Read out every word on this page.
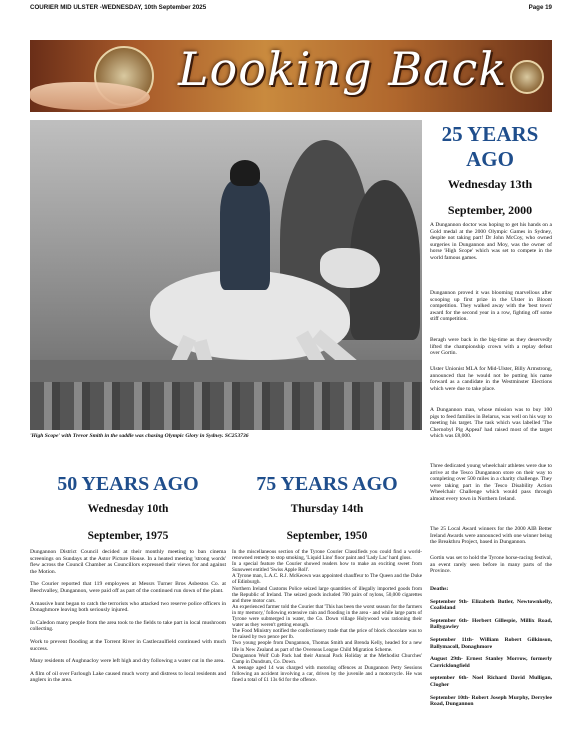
COURIER MID ULSTER -WEDNESDAY, 10th September 2025	Page 19
Looking Back
'High Scope' with Trevor Smith in the saddle was chasing Olympic Glory in Sydney. SC253736
25 YEARS AGO
Wednesday 13th
September, 2000
A Dungannon doctor was hoping to get his hands on a Gold medal at the 2000 Olympic Games in Sydney, despite not taking part! Dr John McCoy, who owned surgeries in Dungannon and Moy, was the owner of horse 'High Scope' which was set to compete in the world famous games.
Dungannon proved it was blooming marvellous after scooping up first prize in the Ulster in Bloom competition. They walked away with the 'best town' award for the second year in a row, fighting off some stiff competition.
Beragh were back in the big-time as they deservedly lifted the championship crown with a replay defeat over Gortin.
Ulster Unionist MLA for Mid-Ulster, Billy Armstrong, announced that he would not be putting his name forward as a candidate in the Westminster Elections which were due to take place.
A Dungannon man, whose mission was to buy 100 pigs to feed families in Belarus, was well on his way to meeting his target. The task which was labelled 'The Chernobyl Pig Appeal' had raised most of the target which was £8,000.
Three dedicated young wheelchair athletes were due to arrive at the Tesco Dungannon store on their way to completing over 500 miles in a charity challenge. They were taking part in the Tesco Disability Action Wheelchair Challenge which would pass through almost every town in Northern Ireland.
The 25 Local Award winners for the 2000 AIB Better Ireland Awards were announced with one winner being the Breakthru Project, based in Dungannon.
Gortin was set to hold the Tyrone horse-racing festival, an event rarely seen before in many parts of the Province.
Deaths:
September 9th- Elizabeth Butler, Newtownkelly, Coalisland
September 6th- Herbert Gillespie, Millix Road, Ballygawley
September 11th- William Robert Gilkinson, Ballymacoll, Donaghmore
August 29th- Ernest Stanley Morrow, formerly Carricklongfield
september 6th- Noel Richard David Mulligan, Clogher
September 10th- Robert Joseph Murphy, Derrylee Road, Dungannon
50 YEARS AGO
Wednesday 10th
September, 1975
75 YEARS AGO
Thursday 14th
September, 1950

Dungannon District Council decided at their monthly meeting to ban cinema screenings on Sundays at the Astor Picture House. In a heated meeting 'strong words' flew across the Council Chamber as Councillors expressed their views for and against the Motion.

The Courier reported that 119 employees at Messrs Turner Bros Asbestos Co. at Beechvalley, Dungannon, were paid off as part of the continued run down of the plant.

A massive hunt began to catch the terrorists who attacked two reserve police officers in Donaghmore leaving both seriously injured.

In Caledon many people from the area took to the fields to take part in local mushroom collecting.

Work to prevent flooding at the Torrent River in Castlecaulfield continued with much success.

Many residents of Aughnacloy were left high and dry following a water cut in the area.

A film of oil over Farlough Lake caused much worry and distress to local residents and anglers in the area.

In the miscellaneous section of the Tyrone Courier Classifieds you could find a world-renowned remedy to stop smoking, 'Liquid Lino' floor paint and 'Lady Lac' hard gloss.

In a special feature the Courier showed readers how to make an exciting sweet from Sunsweet entitled 'Swiss Apple Roll'.

A Tyrone man, L.A.C. R.J. McKeown was appointed chauffeur to The Queen and the Duke of Edinburgh.

Northern Ireland Customs Police seized large quantities of illegally imported goods from the Republic of Ireland. The seized goods included 700 pairs of nylons, 50,000 cigarettes and three motor cars.

An experienced farmer told the Courier that 'This has been the worst season for the farmers in my memory,' following extensive rain and flooding in the area - and while large parts of Tyrone were submerged in water, the Co. Down village Holywood was rationing their water as they weren't getting enough.

The Food Ministry notified the confectionery trade that the price of block chocolate was to be raised by two pence per lb.

Two young people from Dungannon, Thomas Smith and Brenda Kelly, headed for a new life in New Zealand as part of the Overseas League Child Migration Scheme.

Dungannon Wolf Cub Pack had their Annual Pack Holiday at the Methodist Churches' Camp in Dundrum, Co. Down.

A teenage aged 14 was charged with motoring offences at Dungannon Petty Sessions following an accident involving a car, driven by the juvenile and a motorcycle. He was fined a total of £1 13s 6d for the offence.
